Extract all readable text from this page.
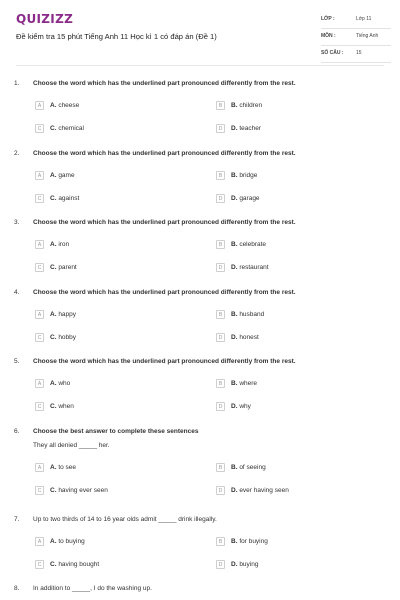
QUIZIZZ
Đề kiểm tra 15 phút Tiếng Anh 11 Học kì 1 có đáp án (Đề 1)
LỚP :	Lớp 11
MÔN :	Tiếng Anh
SỐ CÂU :	15
1. Choose the word which has the underlined part pronounced differently from the rest.
A	A. cheese	B	B. children
C	C. chemical	D	D. teacher
2. Choose the word which has the underlined part pronounced differently from the rest.
A	A. game	B	B. bridge
C	C. against	D	D. garage
3. Choose the word which has the underlined part pronounced differently from the rest.
A	A. iron	B	B. celebrate
C	C. parent	D	D. restaurant
4. Choose the word which has the underlined part pronounced differently from the rest.
A	A. happy	B	B. husband
C	C. hobby	D	D. honest
5. Choose the word which has the underlined part pronounced differently from the rest.
A	A. who	B	B. where
C	C. when	D	D. why
6. Choose the best answer to complete these sentences
They all denied _____ her.
A	A. to see	B	B. of seeing
C	C. having ever seen	D	D. ever having seen
7. Up to two thirds of 14 to 16 year olds admit _____ drink illegally.
A	A. to buying	B	B. for buying
C	C. having bought	D	D. buying
8. In addition to _____, I do the washing up.
